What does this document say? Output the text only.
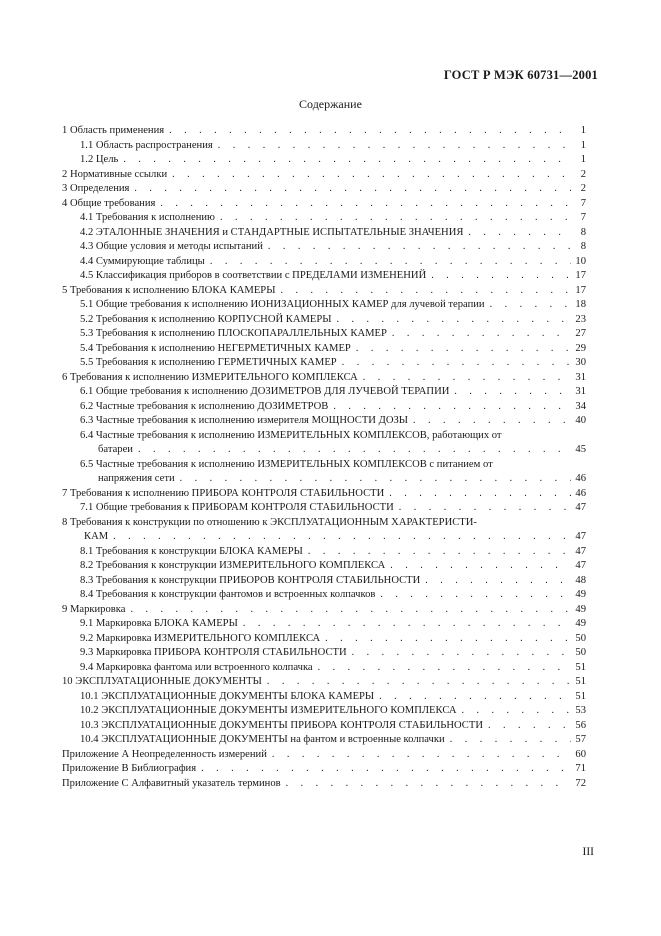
ГОСТ Р МЭК 60731—2001
Содержание
1 Область применения . . .	1
1.1 Область распространения . . .	1
1.2 Цель . . .	1
2 Нормативные ссылки . . .	2
3 Определения . . .	2
4 Общие требования . . .	7
4.1 Требования к исполнению . . .	7
4.2 ЭТАЛОННЫЕ ЗНАЧЕНИЯ и СТАНДАРТНЫЕ ИСПЫТАТЕЛЬНЫЕ ЗНАЧЕНИЯ . . .	8
4.3 Общие условия и методы испытаний . . .	8
4.4 Суммирующие таблицы . . .	10
4.5 Классификация приборов в соответствии с ПРЕДЕЛАМИ ИЗМЕНЕНИЙ . . .	17
5 Требования к исполнению БЛОКА КАМЕРЫ . . .	17
5.1 Общие требования к исполнению ИОНИЗАЦИОННЫХ КАМЕР для лучевой терапии . . .	18
5.2 Требования к исполнению КОРПУСНОЙ КАМЕРЫ . . .	23
5.3 Требования к исполнению ПЛОСКОПАРАЛЛЕЛЬНЫХ КАМЕР . . .	27
5.4 Требования к исполнению НЕГЕРМЕТИЧНЫХ КАМЕР . . .	29
5.5 Требования к исполнению ГЕРМЕТИЧНЫХ КАМЕР . . .	30
6 Требования к исполнению ИЗМЕРИТЕЛЬНОГО КОМПЛЕКСА . . .	31
6.1 Общие требования к исполнению ДОЗИМЕТРОВ ДЛЯ ЛУЧЕВОЙ ТЕРАПИИ . . .	31
6.2 Частные требования к исполнению ДОЗИМЕТРОВ . . .	34
6.3 Частные требования к исполнению измерителя МОЩНОСТИ ДОЗЫ . . .	40
6.4 Частные требования к исполнению ИЗМЕРИТЕЛЬНЫХ КОМПЛЕКСОВ, работающих от
батареи . . .	45
6.5 Частные требования к исполнению ИЗМЕРИТЕЛЬНЫХ КОМПЛЕКСОВ с питанием от
напряжения сети . . .	46
7 Требования к исполнению ПРИБОРА КОНТРОЛЯ СТАБИЛЬНОСТИ . . .	46
7.1 Общие требования к ПРИБОРАМ КОНТРОЛЯ СТАБИЛЬНОСТИ . . .	47
8 Требования к конструкции по отношению к ЭКСПЛУАТАЦИОННЫМ ХАРАКТЕРИСТИ-
КАМ . . .	47
8.1 Требования к конструкции БЛОКА КАМЕРЫ . . .	47
8.2 Требования к конструкции ИЗМЕРИТЕЛЬНОГО КОМПЛЕКСА . . .	47
8.3 Требования к конструкции ПРИБОРОВ КОНТРОЛЯ СТАБИЛЬНОСТИ . . .	48
8.4 Требования к конструкции фантомов и встроенных колпачков . . .	49
9 Маркировка . . .	49
9.1 Маркировка БЛОКА КАМЕРЫ . . .	49
9.2 Маркировка ИЗМЕРИТЕЛЬНОГО КОМПЛЕКСА . . .	50
9.3 Маркировка ПРИБОРА КОНТРОЛЯ СТАБИЛЬНОСТИ . . .	50
9.4 Маркировка фантома или встроенного колпачка . . .	51
10 ЭКСПЛУАТАЦИОННЫЕ ДОКУМЕНТЫ . . .	51
10.1 ЭКСПЛУАТАЦИОННЫЕ ДОКУМЕНТЫ БЛОКА КАМЕРЫ . . .	51
10.2 ЭКСПЛУАТАЦИОННЫЕ ДОКУМЕНТЫ ИЗМЕРИТЕЛЬНОГО КОМПЛЕКСА . . .	53
10.3 ЭКСПЛУАТАЦИОННЫЕ ДОКУМЕНТЫ ПРИБОРА КОНТРОЛЯ СТАБИЛЬНОСТИ . . .	56
10.4 ЭКСПЛУАТАЦИОННЫЕ ДОКУМЕНТЫ на фантом и встроенные колпачки . . .	57
Приложение А Неопределенность измерений . . .	60
Приложение В Библиография . . .	71
Приложение С Алфавитный указатель терминов . . .	72
III
